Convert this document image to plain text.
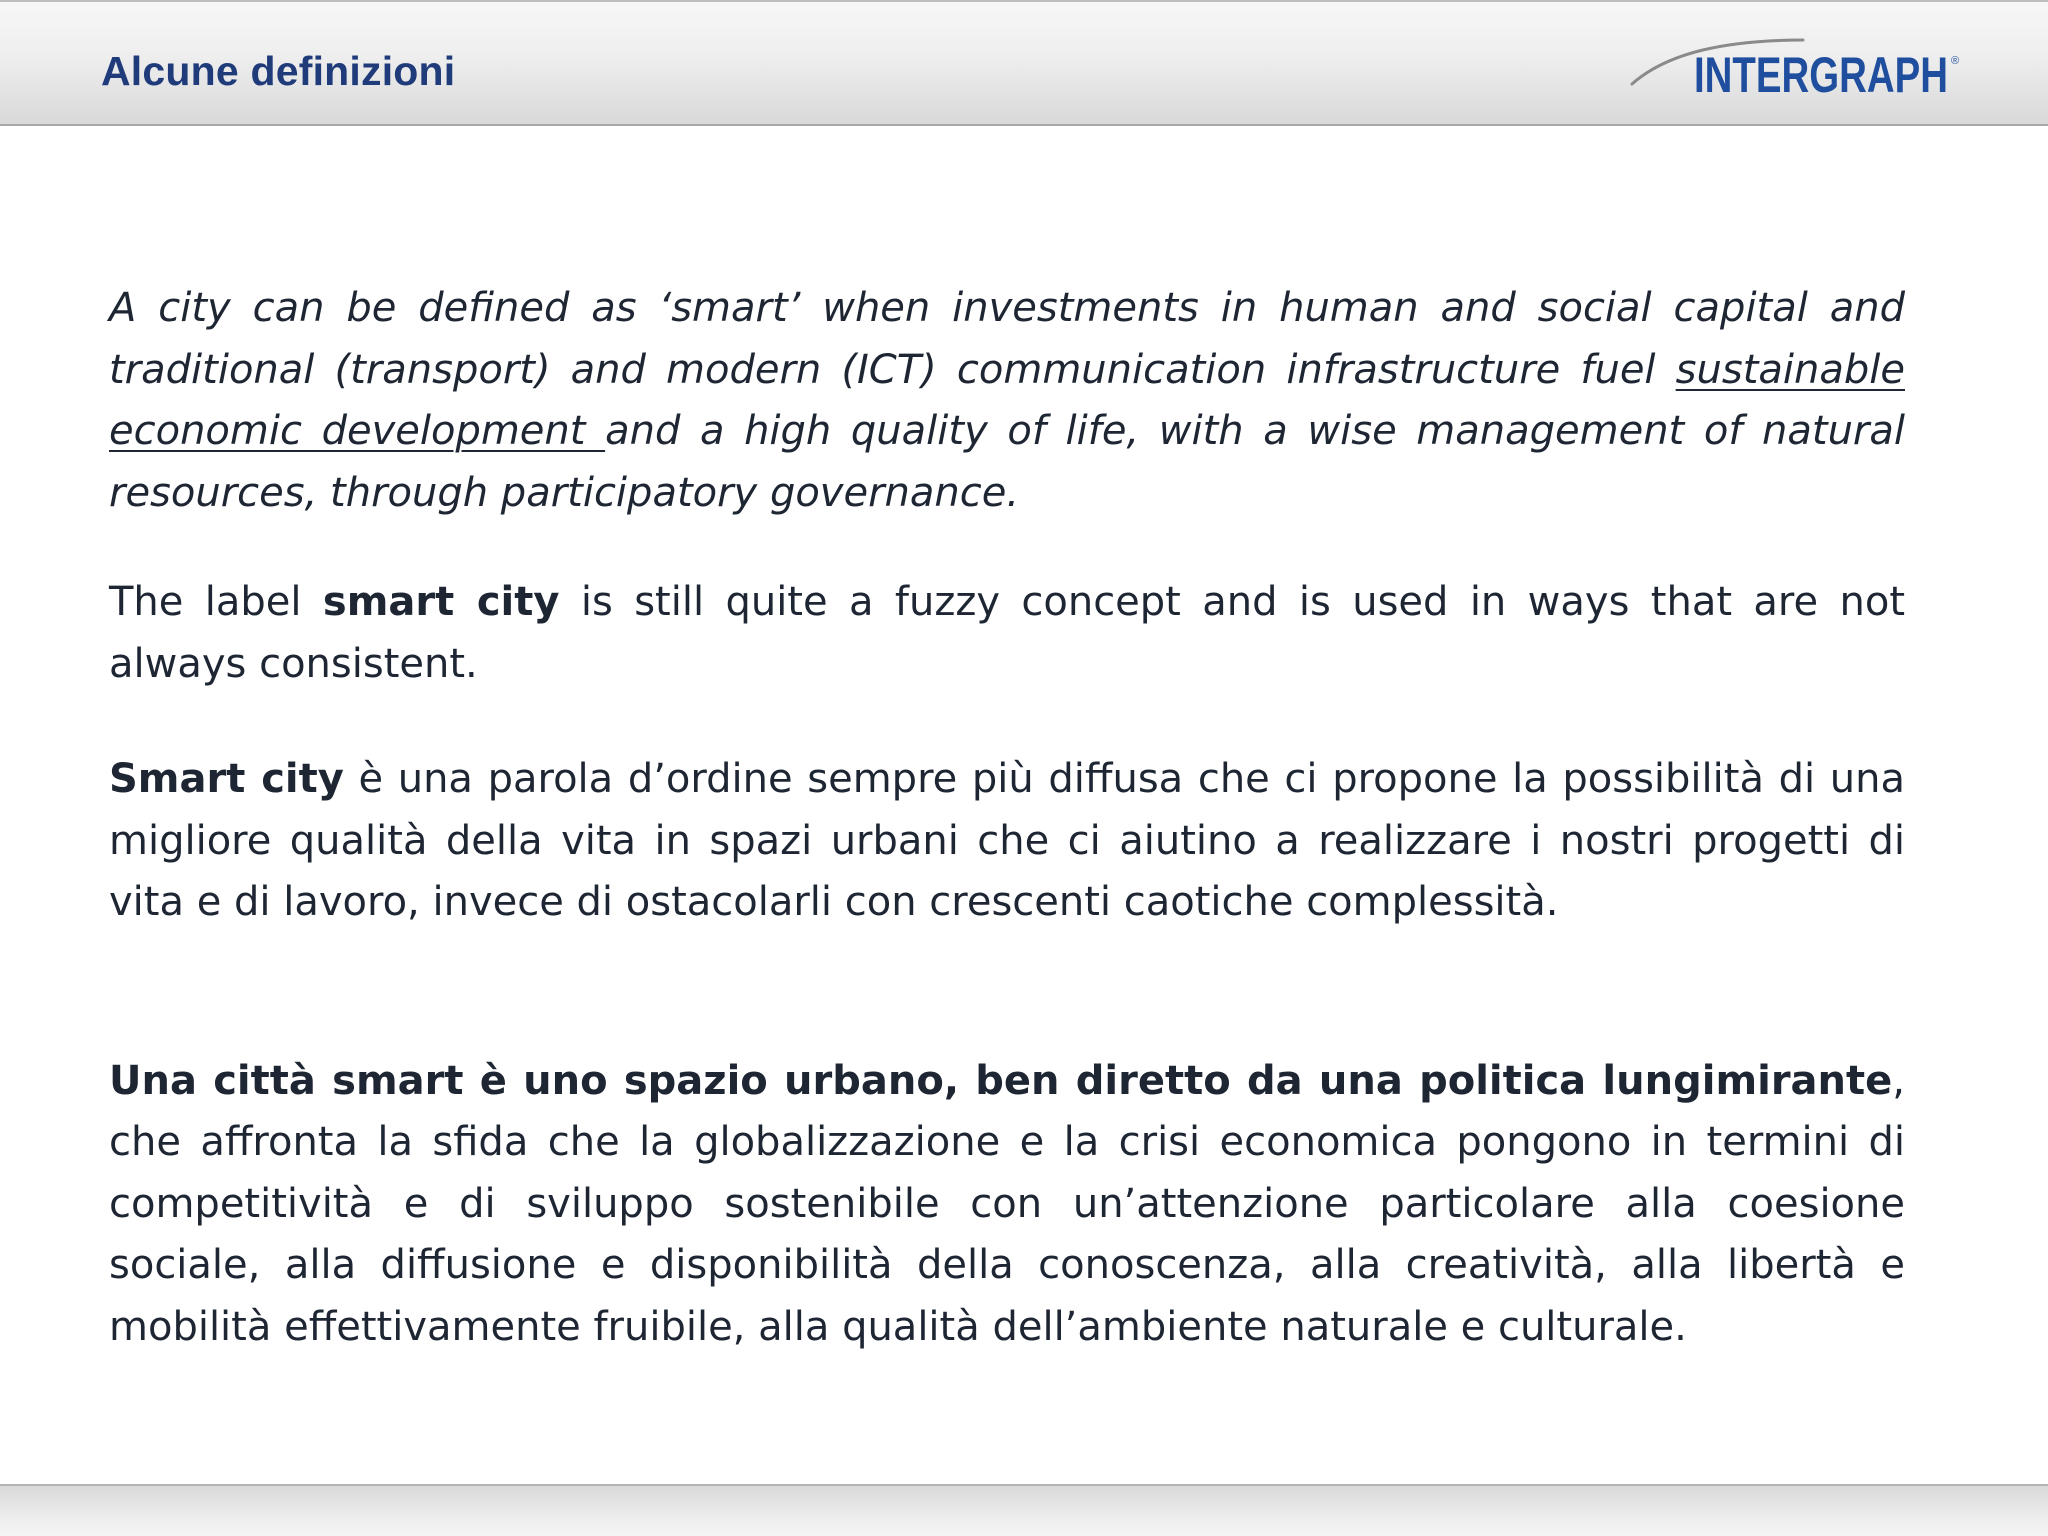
Alcune definizioni	INTERGRAPH ®

A city can be defined as ‘smart’ when investments in human and social capital and traditional (transport) and modern (ICT) communication infrastructure fuel sustainable economic development and a high quality of life, with a wise management of natural resources, through participatory governance.

The label smart city is still quite a fuzzy concept and is used in ways that are not always consistent.

Smart city è una parola d’ordine sempre più diffusa che ci propone la possibilità di una migliore qualità della vita in spazi urbani che ci aiutino a realizzare i nostri progetti di vita e di lavoro, invece di ostacolarli con crescenti caotiche complessità.

Una città smart è uno spazio urbano, ben diretto da una politica lungimirante, che affronta la sfida che la globalizzazione e la crisi economica pongono in termini di competitività e di sviluppo sostenibile con un’attenzione particolare alla coesione sociale, alla diffusione e disponibilità della conoscenza, alla creatività, alla libertà e mobilità effettivamente fruibile, alla qualità dell’ambiente naturale e culturale.
